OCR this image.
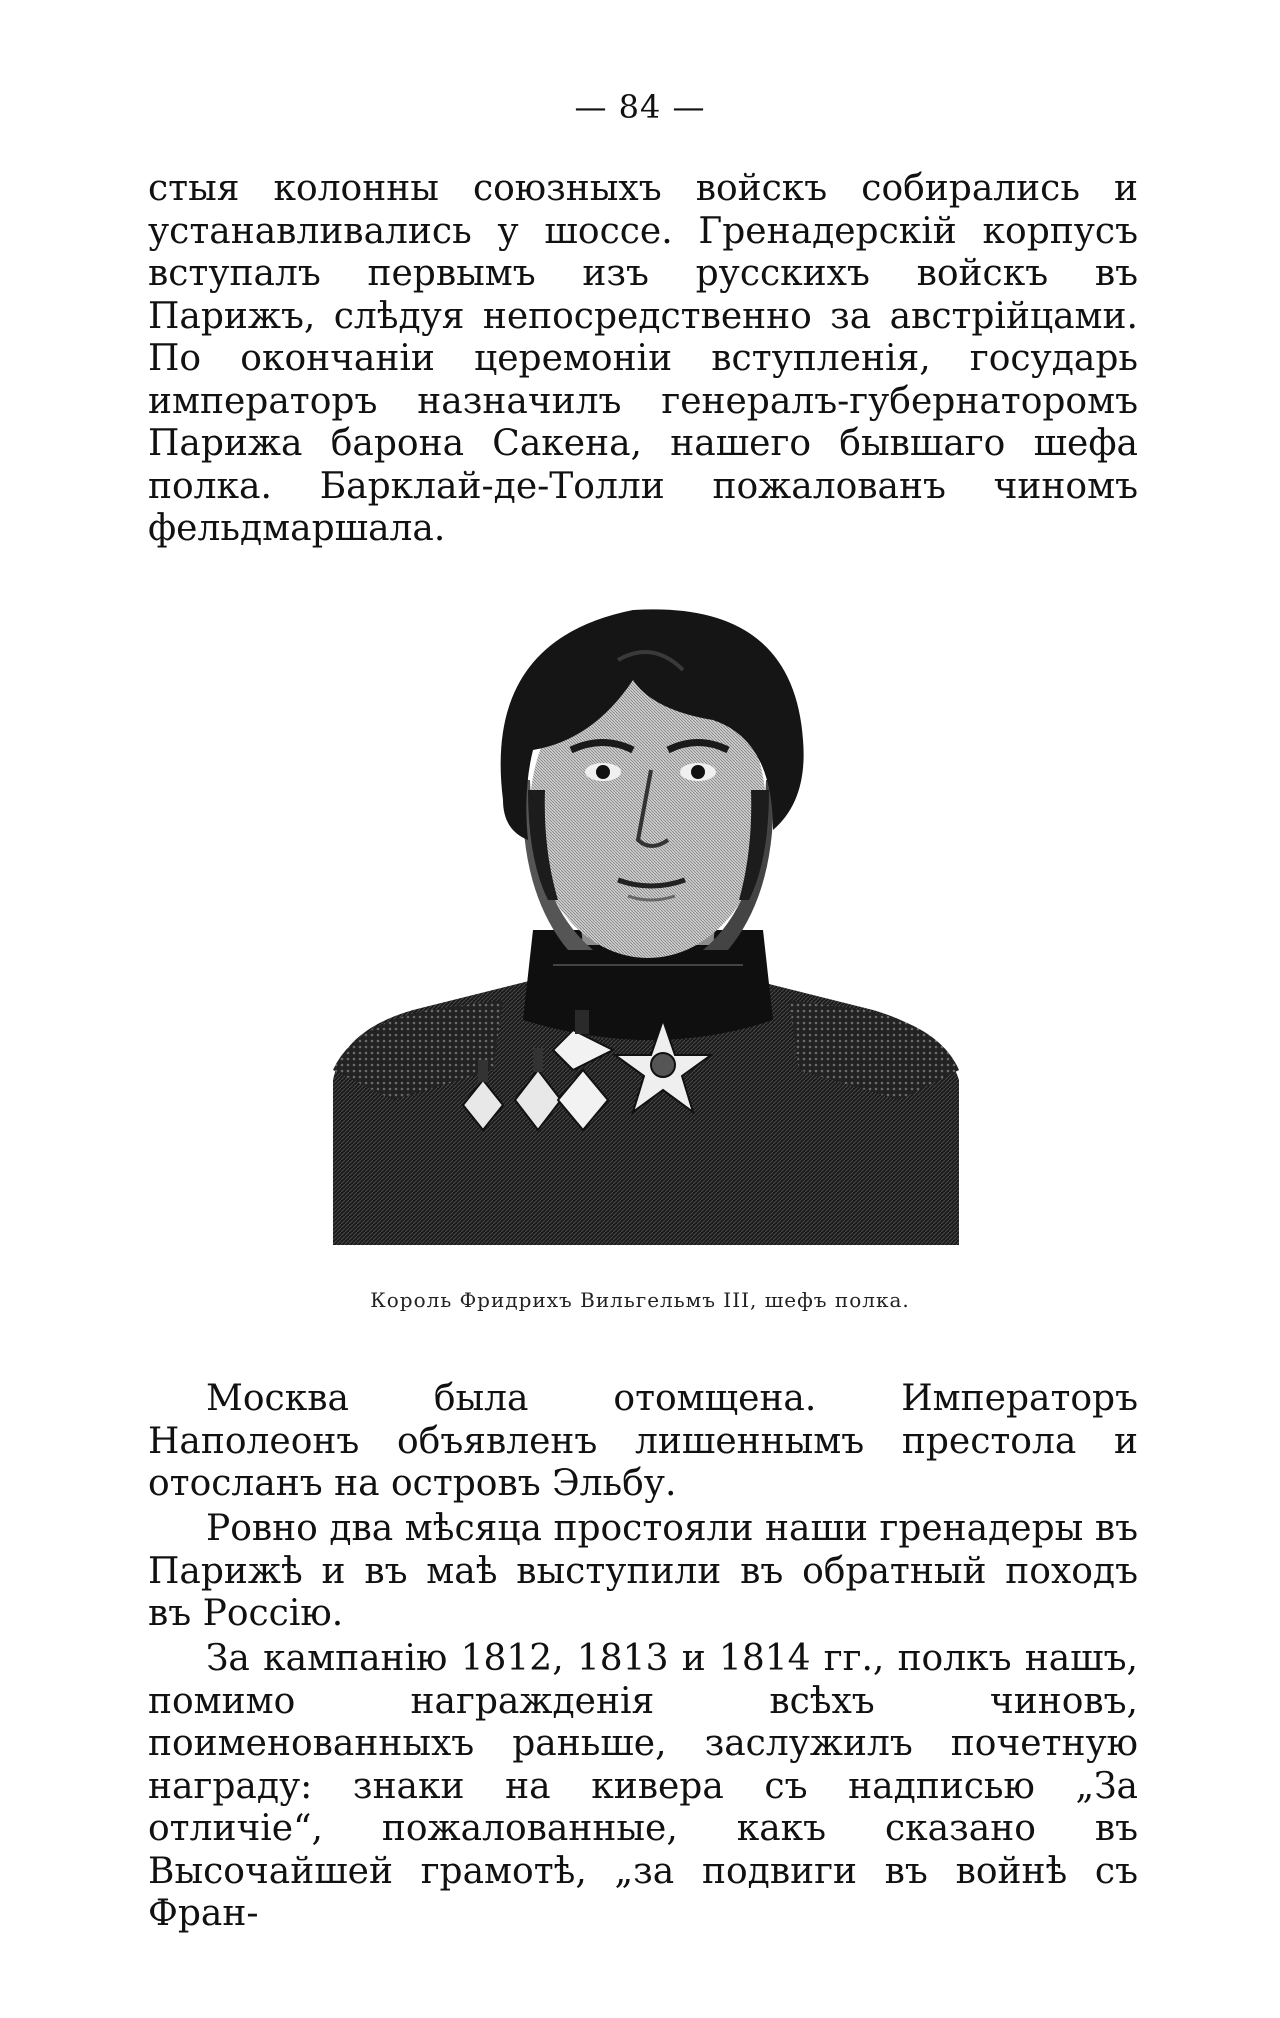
— 84 —

стыя колонны союзныхъ войскъ собирались и устанавливались у шоссе. Гренадерскій корпусъ вступалъ первымъ изъ русскихъ войскъ въ Парижъ, слѣдуя непосредственно за австрійцами. По окончаніи церемоніи вступленія, государь императоръ назначилъ генералъ-губернаторомъ Парижа барона Сакена, нашего бывшаго шефа полка. Барклай-де-Толли пожалованъ чиномъ фельдмаршала.

Король Фридрихъ Вильгельмъ III, шефъ полка.

Москва была отомщена. Императоръ Наполеонъ объявленъ лишеннымъ престола и отосланъ на островъ Эльбу.

Ровно два мѣсяца простояли наши гренадеры въ Парижѣ и въ маѣ выступили въ обратный походъ въ Россію.

За кампанію 1812, 1813 и 1814 гг., полкъ нашъ, помимо награжденія всѣхъ чиновъ, поименованныхъ раньше, заслужилъ почетную награду: знаки на кивера съ надписью „За отличіе“, пожалованные, какъ сказано въ Высочайшей грамотѣ, „за подвиги въ войнѣ съ Фран-
